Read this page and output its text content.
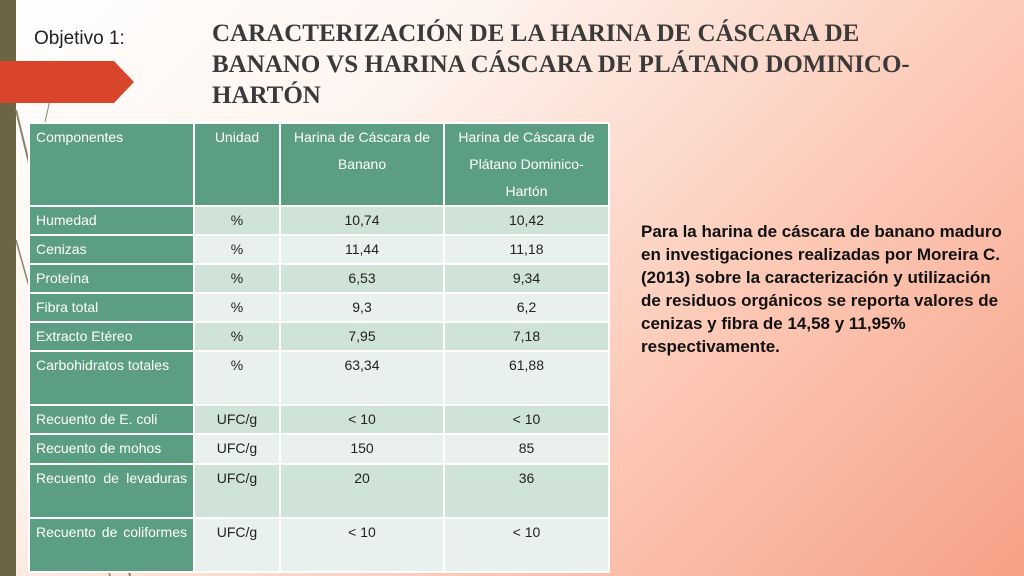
Objetivo 1:	CARACTERIZACIÓN DE LA HARINA DE CÁSCARA DE BANANO VS HARINA CÁSCARA DE PLÁTANO DOMINICO- HARTÓN
Componentes	Unidad	Harina de Cáscara de Banano	Harina de Cáscara de Plátano Dominico- Hartón
Humedad	%	10,74	10,42
Cenizas	%	11,44	11,18
Proteína	%	6,53	9,34
Fibra total	%	9,3	6,2
Extracto Etéreo	%	7,95	7,18
Carbohidratos totales	%	63,34	61,88
Recuento de E. coli	UFC/g	< 10	< 10
Recuento de mohos	UFC/g	150	85
Recuento de levaduras	UFC/g	20	36
Recuento de coliformes	UFC/g	< 10	< 10
Para la harina de cáscara de banano maduro en investigaciones realizadas por Moreira C. (2013) sobre la caracterización y utilización de residuos orgánicos se reporta valores de cenizas y fibra de 14,58 y 11,95% respectivamente.
